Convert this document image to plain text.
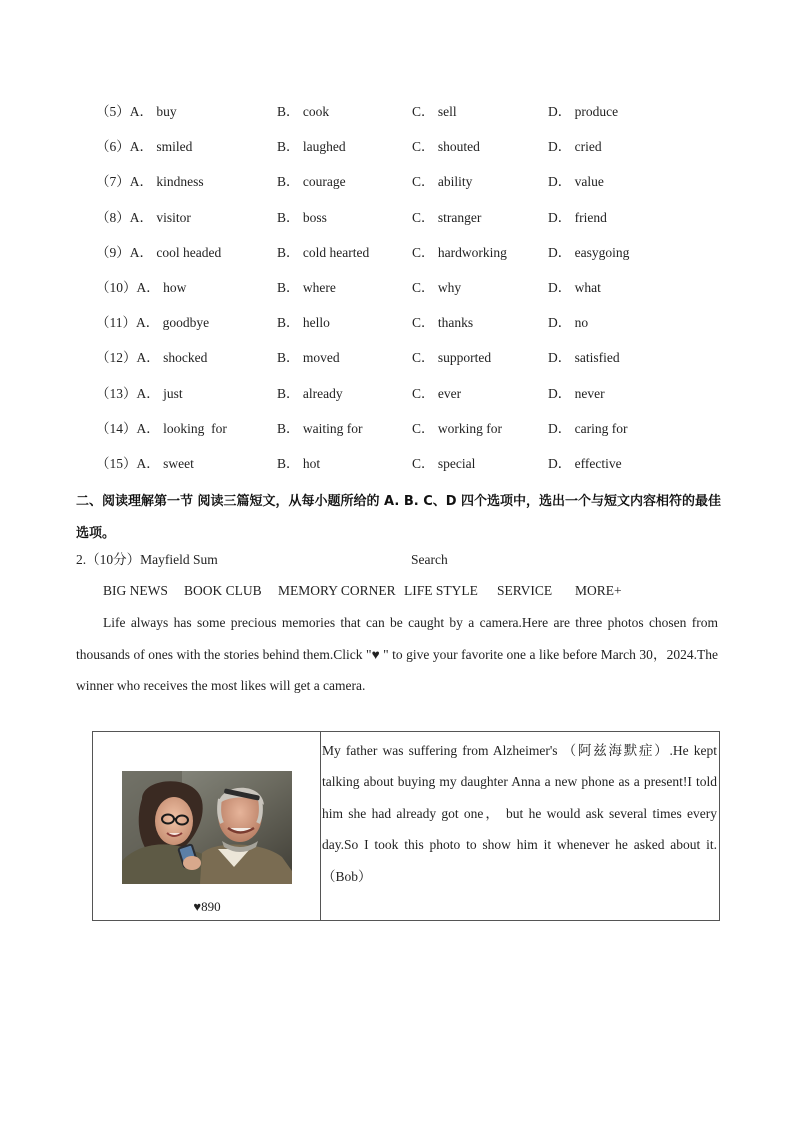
（5）A． buy	B． cook	C． sell	D． produce
（6）A． smiled	B． laughed	C． shouted	D． cried
（7）A． kindness	B． courage	C． ability	D． value
（8）A． visitor	B． boss	C． stranger	D． friend
（9）A． cool headed	B． cold hearted	C． hardworking	D． easygoing
（10）A． how	B． where	C． why	D． what
（11）A． goodbye	B． hello	C． thanks	D． no
（12）A． shocked	B． moved	C． supported	D． satisfied
（13）A． just	B． already	C． ever	D． never
（14）A． looking  for	B． waiting for	C． working for	D． caring for
（15）A． sweet	B． hot	C． special	D． effective
二、阅读理解第一节 阅读三篇短文，从每小题所给的 A. B. C、D 四个选项中，选出一个与短文内容相符的最佳选项。
2.（10分）Mayfield Sum	Search
BIG NEWS BOOK CLUB MEMORY CORNER LIFE STYLE SERVICE MORE+
Life always has some precious memories that can be caught by a camera.Here are three photos chosen from thousands of ones with the stories behind them.Click "♥ " to give your favorite one a like before March 30，2024.The winner who receives the most likes will get a camera.
♥890
My father was suffering from Alzheimer's （阿兹海默症）.He kept talking about buying my daughter Anna a new phone as a present!I told him she had already got one， but he would ask several times every day.So I took this photo to show him it whenever he asked about it.（Bob）
